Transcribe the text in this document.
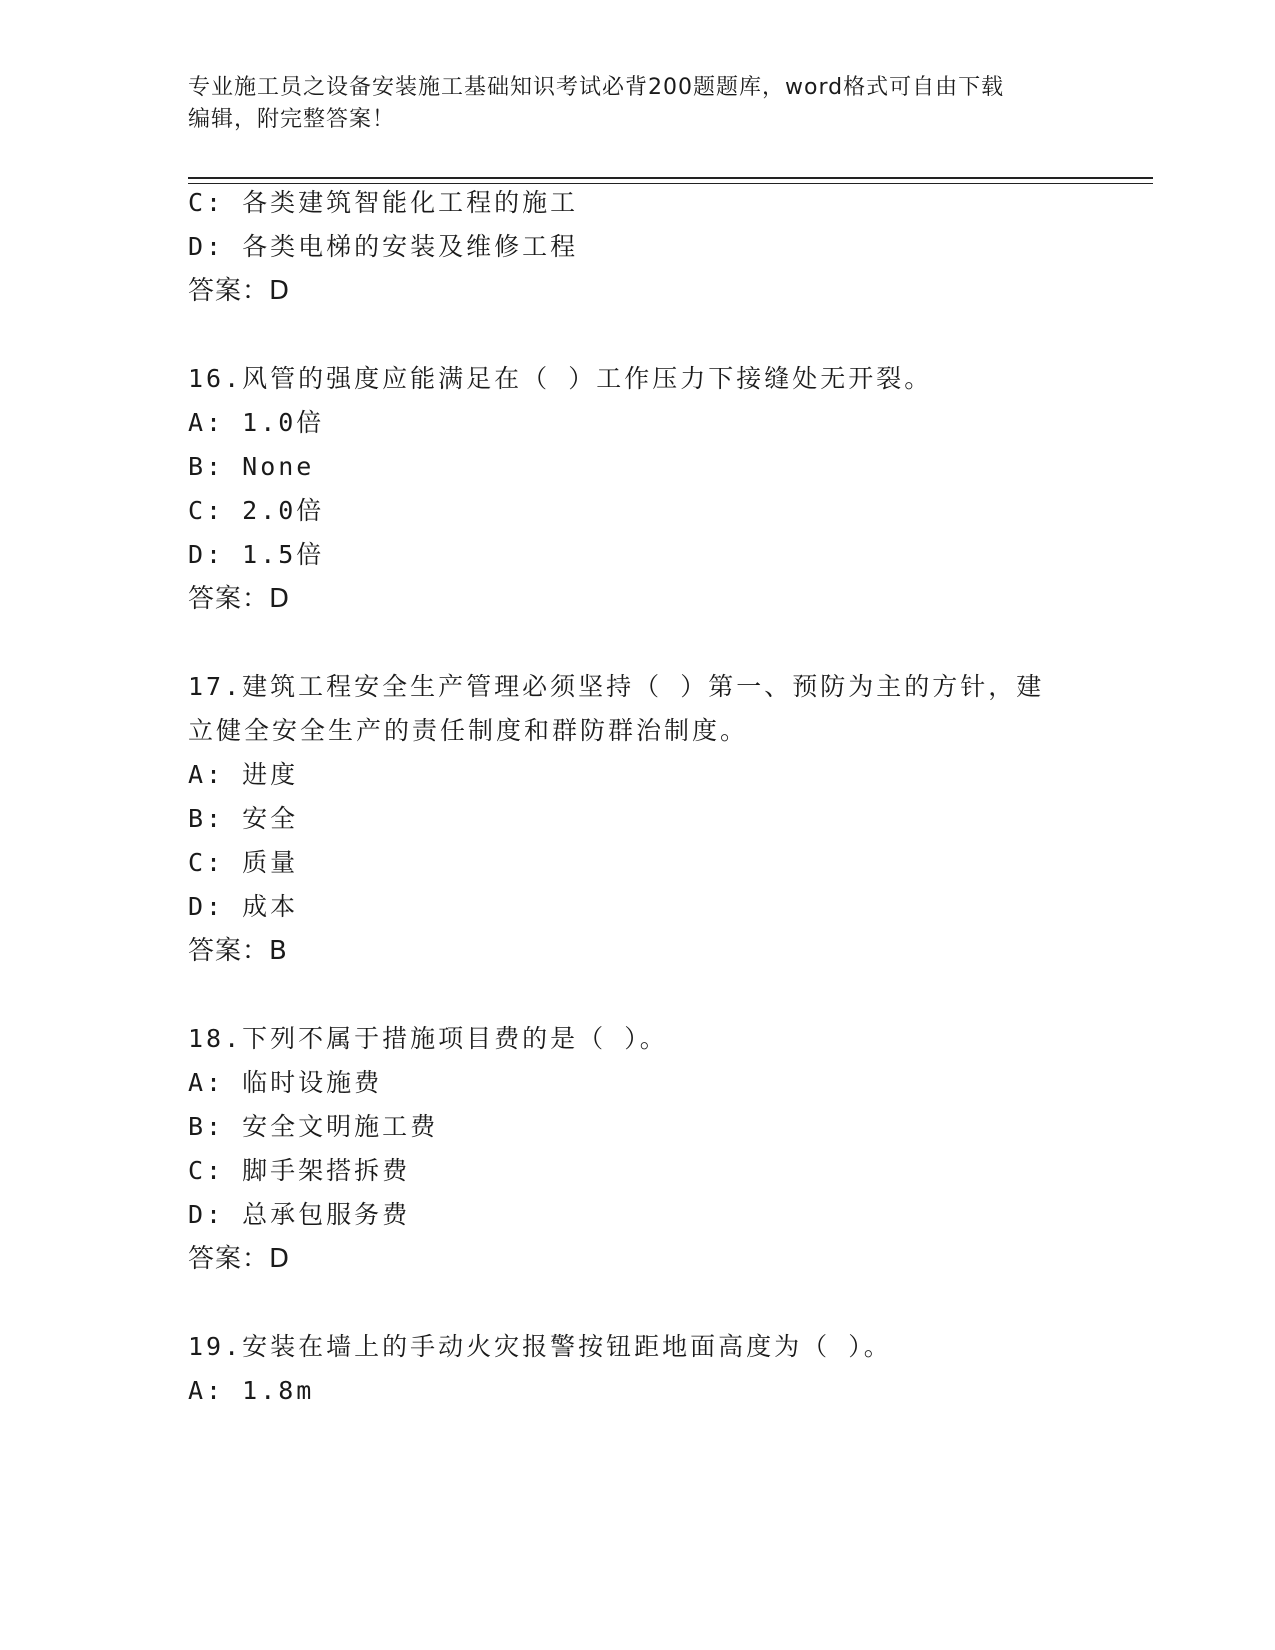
专业施工员之设备安装施工基础知识考试必背200题题库，word格式可自由下载
编辑，附完整答案！
C: 各类建筑智能化工程的施工
D: 各类电梯的安装及维修工程
答案：D
16.风管的强度应能满足在（ ）工作压力下接缝处无开裂。
A: 1.0倍
B: None
C: 2.0倍
D: 1.5倍
答案：D
17.建筑工程安全生产管理必须坚持（ ）第一、预防为主的方针，建
立健全安全生产的责任制度和群防群治制度。
A: 进度
B: 安全
C: 质量
D: 成本
答案：B
18.下列不属于措施项目费的是（ ）。
A: 临时设施费
B: 安全文明施工费
C: 脚手架搭拆费
D: 总承包服务费
答案：D
19.安装在墙上的手动火灾报警按钮距地面高度为（ ）。
A: 1.8m
